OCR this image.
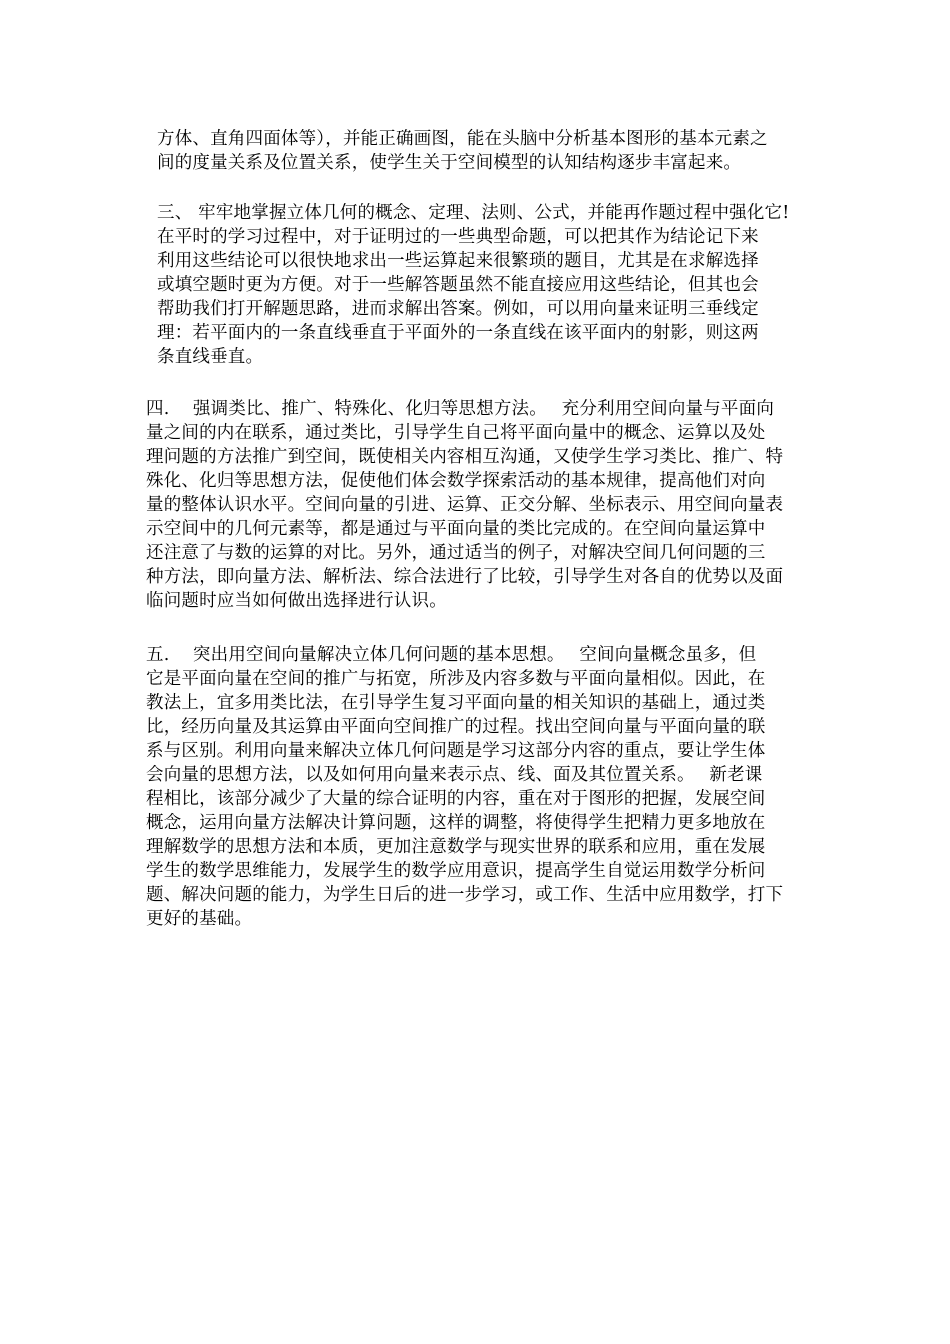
方体、直角四面体等），并能正确画图，能在头脑中分析基本图形的基本元素之
间的度量关系及位置关系，使学生关于空间模型的认知结构逐步丰富起来。
三、 牢牢地掌握立体几何的概念、定理、法则、公式，并能再作题过程中强化它!
在平时的学习过程中，对于证明过的一些典型命题，可以把其作为结论记下来
利用这些结论可以很快地求出一些运算起来很繁琐的题目，尤其是在求解选择
或填空题时更为方便。对于一些解答题虽然不能直接应用这些结论，但其也会
帮助我们打开解题思路，进而求解出答案。例如，可以用向量来证明三垂线定
理：若平面内的一条直线垂直于平面外的一条直线在该平面内的射影，则这两
条直线垂直。
四.　 强调类比、推广、特殊化、化归等思想方法。　 充分利用空间向量与平面向
量之间的内在联系，通过类比，引导学生自己将平面向量中的概念、运算以及处
理问题的方法推广到空间，既使相关内容相互沟通，又使学生学习类比、推广、特
殊化、化归等思想方法，促使他们体会数学探索活动的基本规律，提高他们对向
量的整体认识水平。空间向量的引进、运算、正交分解、坐标表示、用空间向量表
示空间中的几何元素等，都是通过与平面向量的类比完成的。在空间向量运算中
还注意了与数的运算的对比。另外，通过适当的例子，对解决空间几何问题的三
种方法，即向量方法、解析法、综合法进行了比较，引导学生对各自的优势以及面
临问题时应当如何做出选择进行认识。
五.　 突出用空间向量解决立体几何问题的基本思想。　 空间向量概念虽多，但
它是平面向量在空间的推广与拓宽，所涉及内容多数与平面向量相似。因此，在
教法上，宜多用类比法，在引导学生复习平面向量的相关知识的基础上，通过类
比，经历向量及其运算由平面向空间推广的过程。找出空间向量与平面向量的联
系与区别。利用向量来解决立体几何问题是学习这部分内容的重点，要让学生体
会向量的思想方法，以及如何用向量来表示点、线、面及其位置关系。　 新老课
程相比，该部分减少了大量的综合证明的内容，重在对于图形的把握，发展空间
概念，运用向量方法解决计算问题，这样的调整，将使得学生把精力更多地放在
理解数学的思想方法和本质，更加注意数学与现实世界的联系和应用，重在发展
学生的数学思维能力，发展学生的数学应用意识，提高学生自觉运用数学分析问
题、解决问题的能力，为学生日后的进一步学习，或工作、生活中应用数学，打下
更好的基础。
